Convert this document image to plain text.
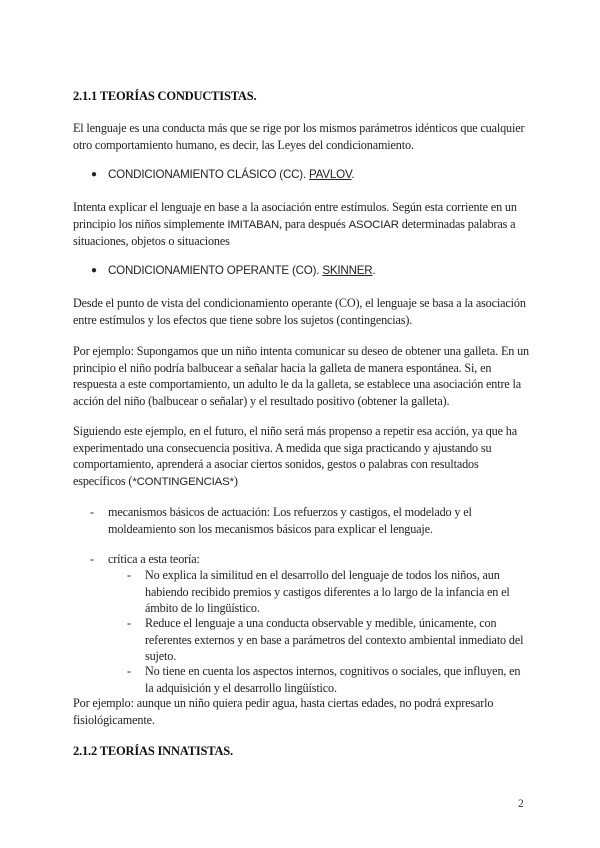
2.1.1 TEORÍAS CONDUCTISTAS.

El lenguaje es una conducta más que se rige por los mismos parámetros idénticos que cualquier otro comportamiento humano, es decir, las Leyes del condicionamiento.

● CONDICIONAMIENTO CLÁSICO (CC). PAVLOV.

Intenta explicar el lenguaje en base a la asociación entre estímulos. Según esta corriente en un principio los niños simplemente IMITABAN, para después ASOCIAR determinadas palabras a situaciones, objetos o situaciones

● CONDICIONAMIENTO OPERANTE (CO). SKINNER.

Desde el punto de vista del condicionamiento operante (CO), el lenguaje se basa a la asociación entre estímulos y los efectos que tiene sobre los sujetos (contingencias).

Por ejemplo: Supongamos que un niño intenta comunicar su deseo de obtener una galleta. En un principio el niño podría balbucear a señalar hacia la galleta de manera espontánea. Si, en respuesta a este comportamiento, un adulto le da la galleta, se establece una asociación entre la acción del niño (balbucear o señalar) y el resultado positivo (obtener la galleta).

Siguiendo este ejemplo, en el futuro, el niño será más propenso a repetir esa acción, ya que ha experimentado una consecuencia positiva. A medida que siga practicando y ajustando su comportamiento, aprenderá a asociar ciertos sonidos, gestos o palabras con resultados específicos (*CONTINGENCIAS*)

- mecanismos básicos de actuación: Los refuerzos y castigos, el modelado y el moldeamiento son los mecanismos básicos para explicar el lenguaje.
- crítica a esta teoría:
- No explica la similitud en el desarrollo del lenguaje de todos los niños, aun habiendo recibido premios y castigos diferentes a lo largo de la infancia en el ámbito de lo lingüístico.
- Reduce el lenguaje a una conducta observable y medible, únicamente, con referentes externos y en base a parámetros del contexto ambiental inmediato del sujeto.
- No tiene en cuenta los aspectos internos, cognitivos o sociales, que influyen, en la adquisición y el desarrollo lingüístico.

Por ejemplo: aunque un niño quiera pedir agua, hasta ciertas edades, no podrá expresarlo fisiológicamente.

2.1.2 TEORÍAS INNATISTAS.
2
